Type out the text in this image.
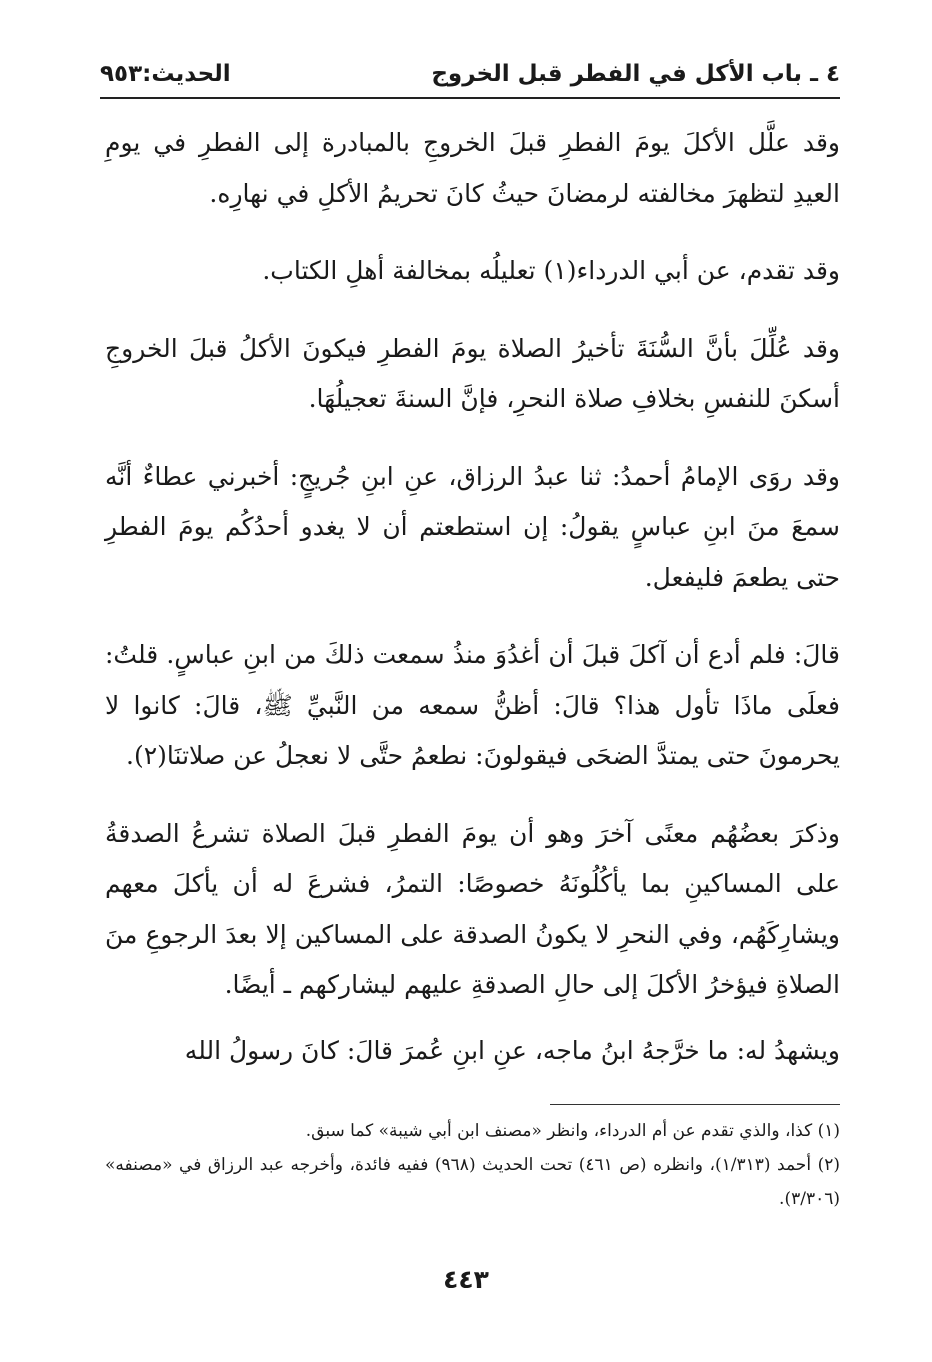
٤ ـ باب الأكل في الفطر قبل الخروج
الحديث:٩٥٣

وقد علَّل الأكلَ يومَ الفطرِ قبلَ الخروجِ بالمبادرة إلى الفطرِ في يومِ العيدِ لتظهرَ مخالفته لرمضانَ حيثُ كانَ تحريمُ الأكلِ في نهارِه.

وقد تقدم، عن أبي الدرداء(١) تعليلُه بمخالفة أهلِ الكتاب.

وقد عُلِّلَ بأنَّ السُّنَةَ تأخيرُ الصلاة يومَ الفطرِ فيكونَ الأكلُ قبلَ الخروجِ أسكنَ للنفسِ بخلافِ صلاة النحرِ، فإنَّ السنةَ تعجيلُهَا.

وقد روَى الإمامُ أحمدُ: ثنا عبدُ الرزاق، عنِ ابنِ جُريجٍ: أخبرني عطاءٌ أنَّه سمعَ منَ ابنِ عباسٍ يقولُ: إن استطعتم أن لا يغدو أحدُكُم يومَ الفطرِ حتى يطعمَ فليفعل.

قالَ: فلم أدع أن آكلَ قبلَ أن أغدُوَ منذُ سمعت ذلكَ من ابنِ عباسٍ. قلتُ: فعلَى ماذَا تأول هذا؟ قالَ: أظنُّ سمعه من النَّبيِّ ﷺ، قالَ: كانوا لا يحرمونَ حتى يمتدَّ الضحَى فيقولونَ: نطعمُ حتَّى لا نعجلُ عن صلاتنَا(٢).

وذكرَ بعضُهُم معنًى آخرَ وهو أن يومَ الفطرِ قبلَ الصلاة تشرعُ الصدقةُ على المساكينِ بما يأكُلُونَهُ خصوصًا: التمرُ، فشرعَ له أن يأكلَ معهم ويشارِكَهُم، وفي النحرِ لا يكونُ الصدقة على المساكين إلا بعدَ الرجوعِ منَ الصلاةِ فيؤخرُ الأكلَ إلى حالِ الصدقةِ عليهم ليشاركهم ـ أيضًا.

ويشهدُ له: ما خرَّجهُ ابنُ ماجه، عنِ ابنِ عُمرَ قالَ: كانَ رسولُ الله

(١) كذا، والذي تقدم عن أم الدرداء، وانظر «مصنف ابن أبي شيبة» كما سبق.

(٢) أحمد (١/٣١٣)، وانظره (ص ٤٦١) تحت الحديث (٩٦٨) ففيه فائدة، وأخرجه عبد الرزاق في «مصنفه» (٣/٣٠٦).

٤٤٣
